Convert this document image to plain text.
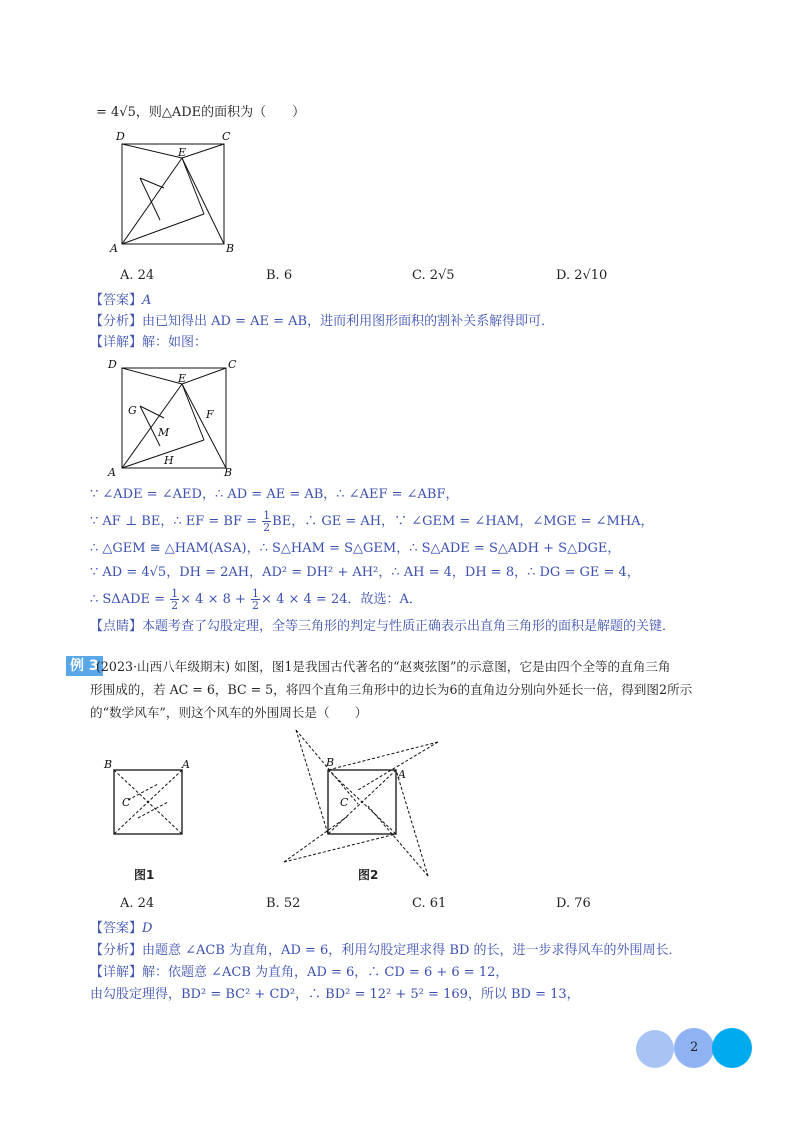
= 4√5，则△ADE的面积为（　　）
D	C
E
A	B
A. 24	B. 6	C. 2√5	D. 2√10
【答案】A
【分析】由已知得出 AD = AE = AB，进而利用图形面积的割补关系解得即可．
【详解】解：如图：
D	C
E
G	F
M
H
A	B
∵ ∠ADE = ∠AED，∴ AD = AE = AB，∴ ∠AEF = ∠ABF，
∵ AF ⊥ BE，∴ EF = BF = $\frac{1}{2}$ BE，∴ GE = AH，∵ ∠GEM = ∠HAM，∠MGE = ∠MHA，
∴ △GEM ≅ △HAM(ASA)，∴ S△HAM = S△GEM，∴ S△ADE = S△ADH + S△DGE，
∵ AD = 4√5，DH = 2AH，AD² = DH² + AH²，∴ AH = 4，DH = 8，∴ DG = GE = 4，
∴ $S\Delta ADE = \frac{1}{2} \times 4 \times 8 + \frac{1}{2} \times 4 \times 4 = 24$．故选：A．
【点睛】本题考查了勾股定理，全等三角形的判定与性质正确表示出直角三角形的面积是解题的关键．
例 3
(2023·山西八年级期末) 如图，图1是我国古代著名的“赵爽弦图”的示意图，它是由四个全等的直角三角
形围成的，若 AC = 6，BC = 5，将四个直角三角形中的边长为6的直角边分别向外延长一倍，得到图2所示
的“数学风车”，则这个风车的外围周长是（　　）
B	A
C
B
A
C
图1	图2
A. 24	B. 52	C. 61	D. 76
【答案】D
【分析】由题意 ∠ACB 为直角，AD = 6，利用勾股定理求得 BD 的长，进一步求得风车的外围周长．
【详解】解：依题意 ∠ACB 为直角，AD = 6，∴ CD = 6 + 6 = 12，
由勾股定理得，BD² = BC² + CD²，∴ BD² = 12² + 5² = 169，所以 BD = 13，
2
